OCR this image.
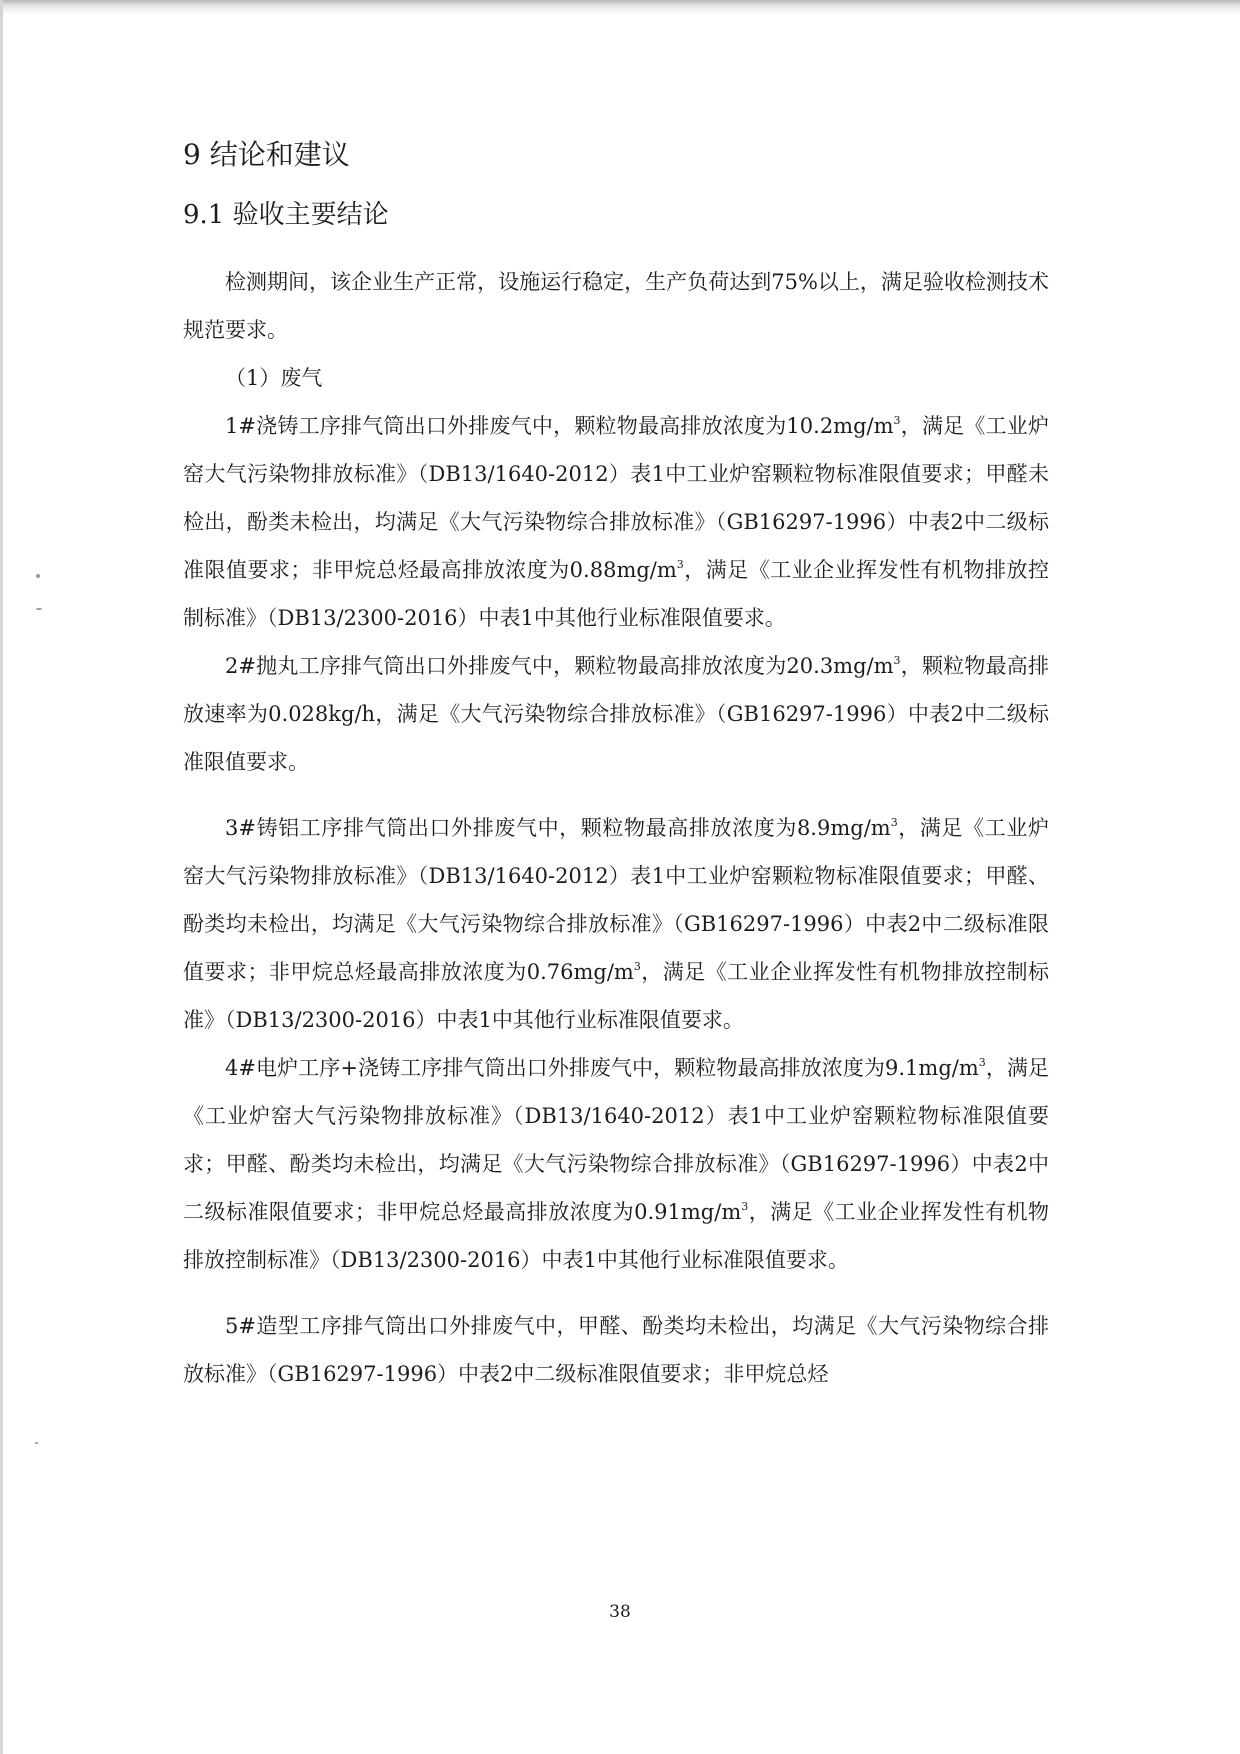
9 结论和建议
9.1 验收主要结论

检测期间，该企业生产正常，设施运行稳定，生产负荷达到75%以上，满足验收检测技术规范要求。

（1）废气

1#浇铸工序排气筒出口外排废气中，颗粒物最高排放浓度为$10.2mg/m^3$，满足《工业炉窑大气污染物排放标准》（DB13/1640-2012）表1中工业炉窑颗粒物标准限值要求；甲醛未检出，酚类未检出，均满足《大气污染物综合排放标准》（GB16297-1996）中表2中二级标准限值要求；非甲烷总烃最高排放浓度为$0.88mg/m^3$，满足《工业企业挥发性有机物排放控制标准》（DB13/2300-2016）中表1中其他行业标准限值要求。

2#抛丸工序排气筒出口外排废气中，颗粒物最高排放浓度为$20.3mg/m^3$，颗粒物最高排放速率为0.028kg/h，满足《大气污染物综合排放标准》（GB16297-1996）中表2中二级标准限值要求。

3#铸铝工序排气筒出口外排废气中，颗粒物最高排放浓度为$8.9mg/m^3$，满足《工业炉窑大气污染物排放标准》（DB13/1640-2012）表1中工业炉窑颗粒物标准限值要求；甲醛、酚类均未检出，均满足《大气污染物综合排放标准》（GB16297-1996）中表2中二级标准限值要求；非甲烷总烃最高排放浓度为$0.76mg/m^3$，满足《工业企业挥发性有机物排放控制标准》（DB13/2300-2016）中表1中其他行业标准限值要求。

4#电炉工序+浇铸工序排气筒出口外排废气中，颗粒物最高排放浓度为$9.1mg/m^3$，满足《工业炉窑大气污染物排放标准》（DB13/1640-2012）表1中工业炉窑颗粒物标准限值要求；甲醛、酚类均未检出，均满足《大气污染物综合排放标准》（GB16297-1996）中表2中二级标准限值要求；非甲烷总烃最高排放浓度为$0.91mg/m^3$，满足《工业企业挥发性有机物排放控制标准》（DB13/2300-2016）中表1中其他行业标准限值要求。

5#造型工序排气筒出口外排废气中，甲醛、酚类均未检出，均满足《大气污染物综合排放标准》（GB16297-1996）中表2中二级标准限值要求；非甲烷总烃

38
